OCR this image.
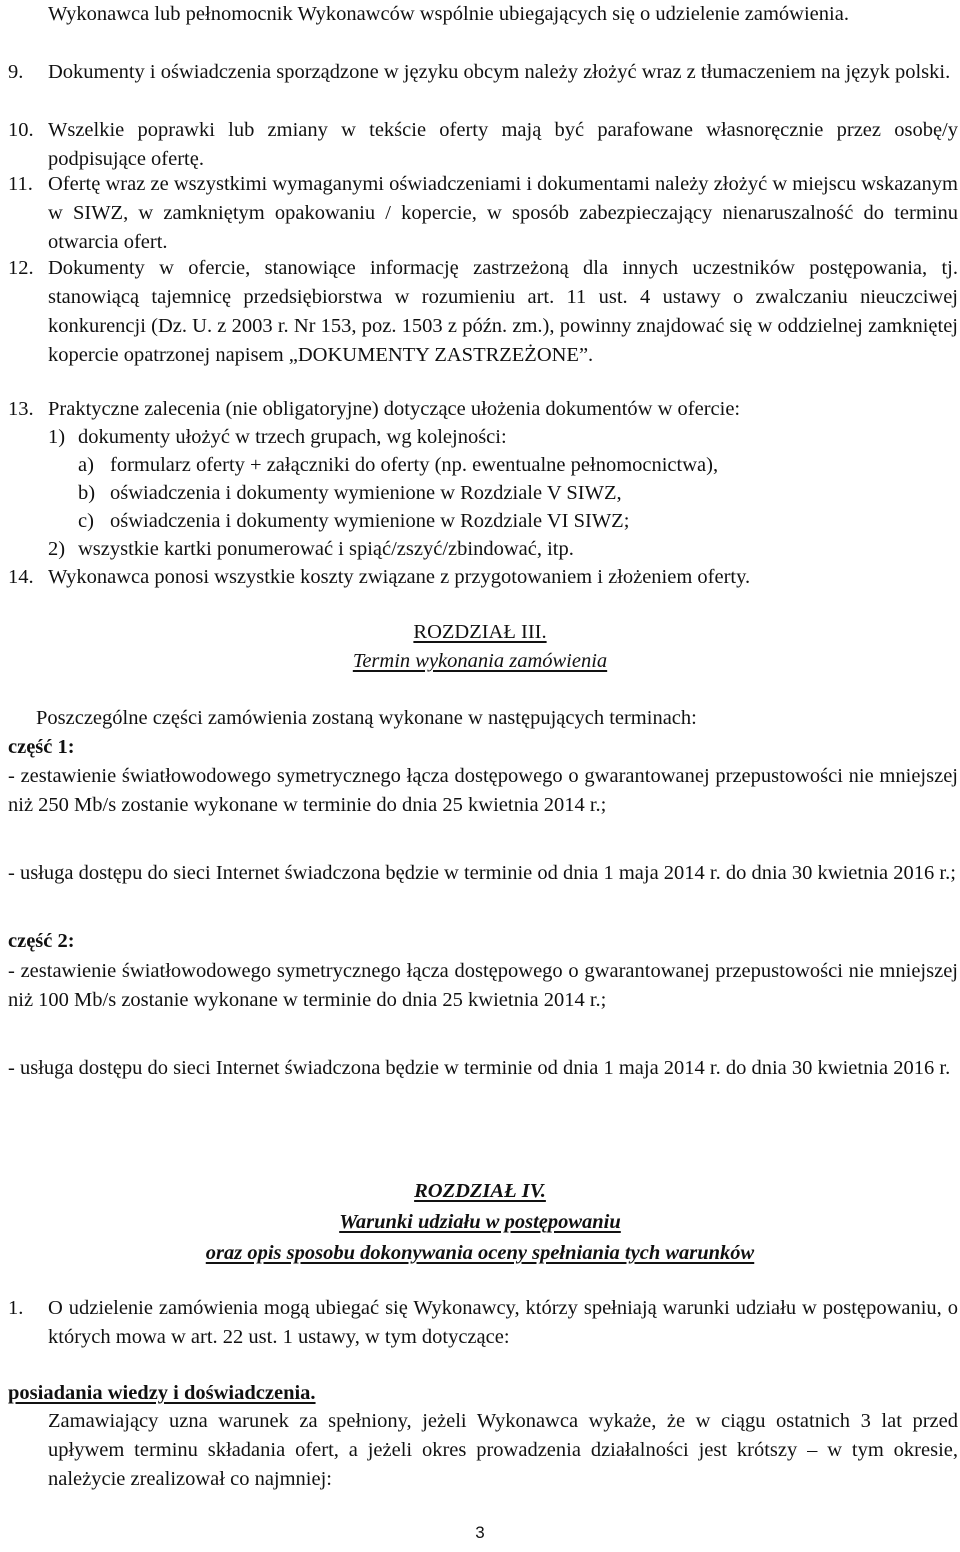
Wykonawca lub pełnomocnik Wykonawców wspólnie ubiegających się o udzielenie zamówienia.

9. Dokumenty i oświadczenia sporządzone w języku obcym należy złożyć wraz z tłumaczeniem na język polski.

10. Wszelkie poprawki lub zmiany w tekście oferty mają być parafowane własnoręcznie przez osobę/y podpisujące ofertę.

11. Ofertę wraz ze wszystkimi wymaganymi oświadczeniami i dokumentami należy złożyć w miejscu wskazanym w SIWZ, w zamkniętym opakowaniu / kopercie, w sposób zabezpieczający nienaruszalność do terminu otwarcia ofert.

12. Dokumenty w ofercie, stanowiące informację zastrzeżoną dla innych uczestników postępowania, tj. stanowiącą tajemnicę przedsiębiorstwa w rozumieniu art. 11 ust. 4 ustawy o zwalczaniu nieuczciwej konkurencji (Dz. U. z 2003 r. Nr 153, poz. 1503 z późn. zm.), powinny znajdować się w oddzielnej zamkniętej kopercie opatrzonej napisem „DOKUMENTY ZASTRZEŻONE”.

13. Praktyczne zalecenia (nie obligatoryjne) dotyczące ułożenia dokumentów w ofercie:

1) dokumenty ułożyć w trzech grupach, wg kolejności:
a) formularz oferty + załączniki do oferty (np. ewentualne pełnomocnictwa),
b) oświadczenia i dokumenty wymienione w Rozdziale V SIWZ,
c) oświadczenia i dokumenty wymienione w Rozdziale VI SIWZ;
2) wszystkie kartki ponumerować i spiąć/zszyć/zbindować, itp.
14. Wykonawca ponosi wszystkie koszty związane z przygotowaniem i złożeniem oferty.

ROZDZIAŁ III.

Termin wykonania zamówienia

Poszczególne części zamówienia zostaną wykonane w następujących terminach:

część 1:

- zestawienie światłowodowego symetrycznego łącza dostępowego o gwarantowanej przepustowości nie mniejszej niż 250 Mb/s zostanie wykonane w terminie do dnia 25 kwietnia 2014 r.;

- usługa dostępu do sieci Internet świadczona będzie w terminie od dnia 1 maja 2014 r. do dnia 30 kwietnia 2016 r.;

część 2:

- zestawienie światłowodowego symetrycznego łącza dostępowego o gwarantowanej przepustowości nie mniejszej niż 100 Mb/s zostanie wykonane w terminie do dnia 25 kwietnia 2014 r.;

- usługa dostępu do sieci Internet świadczona będzie w terminie od dnia 1 maja 2014 r. do dnia 30 kwietnia 2016 r.

ROZDZIAŁ IV.

Warunki udziału w postępowaniu

oraz opis sposobu dokonywania oceny spełniania tych warunków

1. O udzielenie zamówienia mogą ubiegać się Wykonawcy, którzy spełniają warunki udziału w postępowaniu, o których mowa w art. 22 ust. 1 ustawy, w tym dotyczące:

posiadania wiedzy i doświadczenia.

Zamawiający uzna warunek za spełniony, jeżeli Wykonawca wykaże, że w ciągu ostatnich 3 lat przed upływem terminu składania ofert, a jeżeli okres prowadzenia działalności jest krótszy – w tym okresie, należycie zrealizował co najmniej:

3
